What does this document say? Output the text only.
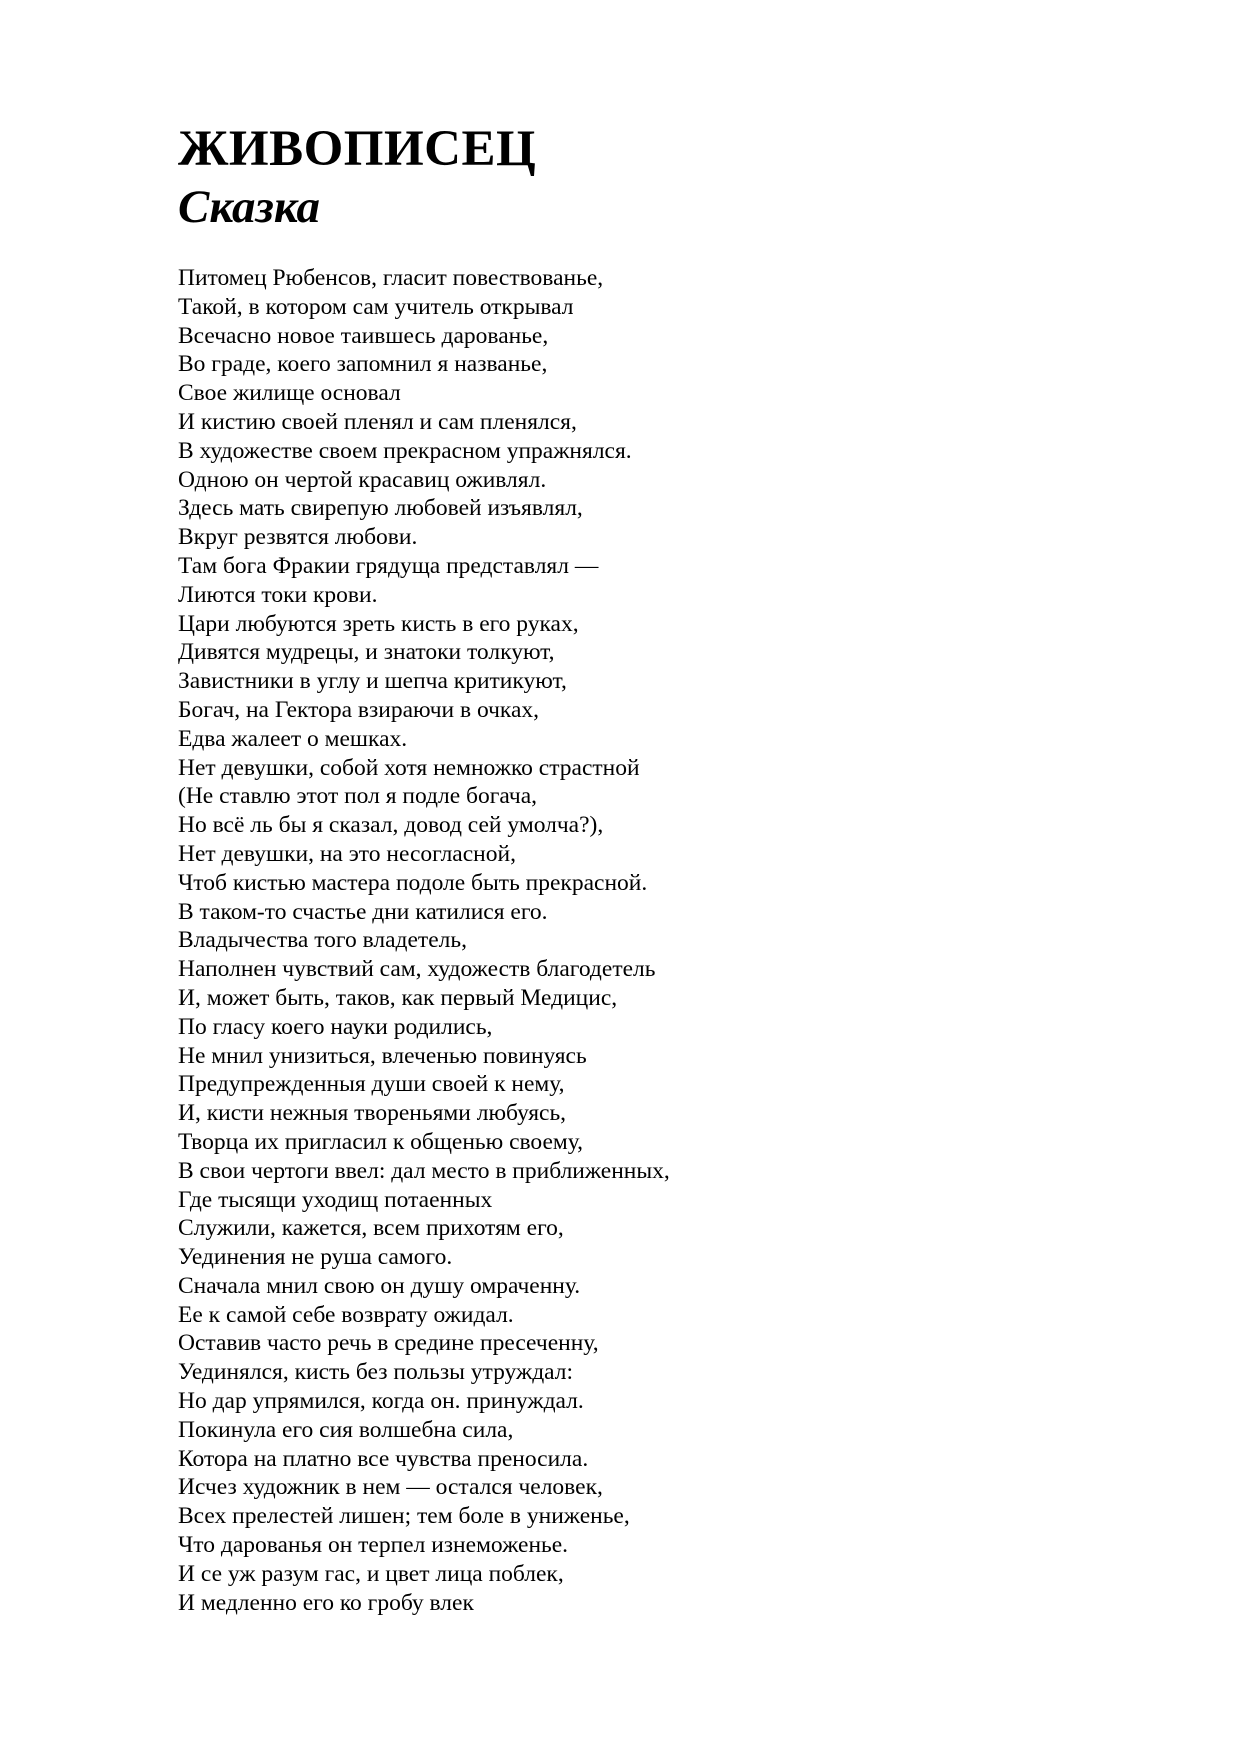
ЖИВОПИСЕЦ
Сказка
Питомец Рюбенсов, гласит повествованье,
Такой, в котором сам учитель открывал
Всечасно новое таившесь дарованье,
Во граде, коего запомнил я названье,
Свое жилище основал
И кистию своей пленял и сам пленялся,
В художестве своем прекрасном упражнялся.
Одною он чертой красавиц оживлял.
Здесь мать свирепую любовей изъявлял,
Вкруг резвятся любови.
Там бога Фракии грядуща представлял —
Лиются токи крови.
Цари любуются зреть кисть в его руках,
Дивятся мудрецы, и знатоки толкуют,
Завистники в углу и шепча критикуют,
Богач, на Гектора взираючи в очках,
Едва жалеет о мешках.
Нет девушки, собой хотя немножко страстной
(Не ставлю этот пол я подле богача,
Но всё ль бы я сказал, довод сей умолча?),
Нет девушки, на это несогласной,
Чтоб кистью мастера подоле быть прекрасной.
В таком-то счастье дни катилися его.
Владычества того владетель,
Наполнен чувствий сам, художеств благодетель
И, может быть, таков, как первый Медицис,
По гласу коего науки родились,
Не мнил унизиться, влеченью повинуясь
Предупрежденныя души своей к нему,
И, кисти нежныя твореньями любуясь,
Творца их пригласил к общенью своему,
В свои чертоги ввел: дал место в приближенных,
Где тысящи уходищ потаенных
Служили, кажется, всем прихотям его,
Уединения не руша самого.
Сначала мнил свою он душу омраченну.
Ее к самой себе возврату ожидал.
Оставив часто речь в средине пресеченну,
Уединялся, кисть без пользы утруждал:
Но дар упрямился, когда он. принуждал.
Покинула его сия волшебна сила,
Котора на платно все чувства преносила.
Исчез художник в нем — остался человек,
Всех прелестей лишен; тем боле в униженье,
Что дарованья он терпел изнеможенье.
И се уж разум гас, и цвет лица поблек,
И медленно его ко гробу влек
